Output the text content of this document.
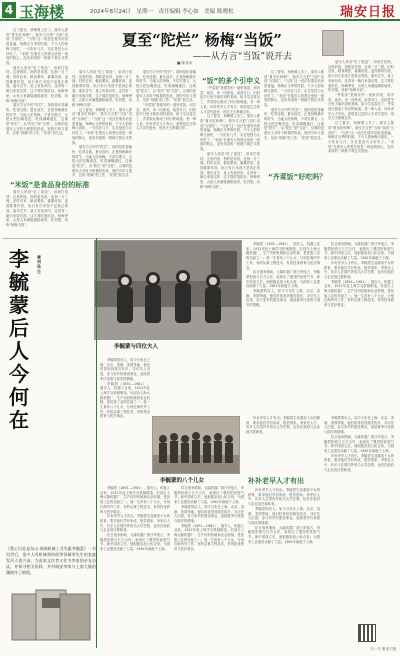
4 玉海楼	2024年8月24日　星期一　责任编辑 李心如　美编 陈晓松	瑞安日报
夏至“陀烂” 杨梅“当饭”
——从方言“当饭”说开去
■ 陈其仙

过了夏至，杨梅要上市了。瑞安人都讲“夏至吃杨梅”。瑞安方言把“当饭”说成“当饭吃”。“当饭”这一说法在瑞安话里很普遍，杨梅正当季的时候，不少人把杨梅当饭吃，一天吃好几斤，实在是因为太好吃了。“米饭”在瑞安人的观念里是一顿饭的核心，没有米饭的一顿就不算正式的饭。

瑞安人常说“吃了饭没”，用来打招呼。这里的饭，指的是米饭，也指一日三餐。旧时农家，粮食紧张，番薯丝饭、麦饭都算作饭，但只有白米饭才是真正的饭。逢年过节，桌上有鱼有肉，还得有一碗白米饭压阵，这才算吃饱吃好。杨梅季里，山里人家满篮满筐地采，吃到饱，戏称“杨梅当饭”。

瑞安方言中的“陀烂”，指的是吃得痛快、吃得过瘾。夏至前后，正是杨梅最好的时节，当地人吃杨梅，不讲究斯文，大把大把往嘴里送，吃得满嘴通红，这就是“陀烂”。从“陀烂”到“当饭”，反映的是瑞安人对时令鲜果的热爱。饭的引申义很多，比如“饭碗”指工作，“吃饭”指生活。

“米饭”是食品身份的标准

瑞安人常说“吃了饭没”，用来打招呼。这里的饭，指的是米饭，也指一日三餐。旧时农家，粮食紧张，番薯丝饭、麦饭都算作饭，但只有白米饭才是真正的饭。逢年过节，桌上有鱼有肉，还得有一碗白米饭压阵，这才算吃饱吃好。杨梅季里，山里人家满篮满筐地采，吃到饱，戏称“杨梅当饭”。

瑞安人常说“吃了饭没”，用来打招呼。这里的饭，指的是米饭，也指一日三餐。旧时农家，粮食紧张，番薯丝饭、麦饭都算作饭，但只有白米饭才是真正的饭。逢年过节，桌上有鱼有肉，还得有一碗白米饭压阵，这才算吃饱吃好。杨梅季里，山里人家满篮满筐地采，吃到饱，戏称“杨梅当饭”。

过了夏至，杨梅要上市了。瑞安人都讲“夏至吃杨梅”。瑞安方言把“当饭”说成“当饭吃”。“当饭”这一说法在瑞安话里很普遍，杨梅正当季的时候，不少人把杨梅当饭吃，一天吃好几斤，实在是因为太好吃了。“米饭”在瑞安人的观念里是一顿饭的核心，没有米饭的一顿就不算正式的饭。

瑞安方言中的“陀烂”，指的是吃得痛快、吃得过瘾。夏至前后，正是杨梅最好的时节，当地人吃杨梅，不讲究斯文，大把大把往嘴里送，吃得满嘴通红，这就是“陀烂”。从“陀烂”到“当饭”，反映的是瑞安人对时令鲜果的热爱。饭的引申义很多，比如“饭碗”指工作，“吃饭”指生活。

瑞安方言中的“陀烂”，指的是吃得痛快、吃得过瘾。夏至前后，正是杨梅最好的时节，当地人吃杨梅，不讲究斯文，大把大把往嘴里送，吃得满嘴通红，这就是“陀烂”。从“陀烂”到“当饭”，反映的是瑞安人对时令鲜果的热爱。饭的引申义很多，比如“饭碗”指工作，“吃饭”指生活。

“齐菜饭”是瑞安的一道家常饭，用芥菜、咸肉、米一同煮成，咸香可口，旧时是节日里才能吃到的美味。如今生活富足了，齐菜饭反倒成了怀旧的味道。老一辈人说，补补老早人才有出，意思是过去的人才讲究进补，现在天天都像过年。

“饭”的多个引申义

“齐菜饭”是瑞安的一道家常饭，用芥菜、咸肉、米一同煮成，咸香可口，旧时是节日里才能吃到的美味。如今生活富足了，齐菜饭反倒成了怀旧的味道。老一辈人说，补补老早人才有出，意思是过去的人才讲究进补，现在天天都像过年。

过了夏至，杨梅要上市了。瑞安人都讲“夏至吃杨梅”。瑞安方言把“当饭”说成“当饭吃”。“当饭”这一说法在瑞安话里很普遍，杨梅正当季的时候，不少人把杨梅当饭吃，一天吃好几斤，实在是因为太好吃了。“米饭”在瑞安人的观念里是一顿饭的核心，没有米饭的一顿就不算正式的饭。

瑞安人常说“吃了饭没”，用来打招呼。这里的饭，指的是米饭，也指一日三餐。旧时农家，粮食紧张，番薯丝饭、麦饭都算作饭，但只有白米饭才是真正的饭。逢年过节，桌上有鱼有肉，还得有一碗白米饭压阵，这才算吃饱吃好。杨梅季里，山里人家满篮满筐地采，吃到饱，戏称“杨梅当饭”。

过了夏至，杨梅要上市了。瑞安人都讲“夏至吃杨梅”。瑞安方言把“当饭”说成“当饭吃”。“当饭”这一说法在瑞安话里很普遍，杨梅正当季的时候，不少人把杨梅当饭吃，一天吃好几斤，实在是因为太好吃了。“米饭”在瑞安人的观念里是一顿饭的核心，没有米饭的一顿就不算正式的饭。

瑞安方言中的“陀烂”，指的是吃得痛快、吃得过瘾。夏至前后，正是杨梅最好的时节，当地人吃杨梅，不讲究斯文，大把大把往嘴里送，吃得满嘴通红，这就是“陀烂”。从“陀烂”到“当饭”，反映的是瑞安人对时令鲜果的热爱。饭的引申义很多，比如“饭碗”指工作，“吃饭”指生活。

“齐菜饭”好吃吗？

瑞安人常说“吃了饭没”，用来打招呼。这里的饭，指的是米饭，也指一日三餐。旧时农家，粮食紧张，番薯丝饭、麦饭都算作饭，但只有白米饭才是真正的饭。逢年过节，桌上有鱼有肉，还得有一碗白米饭压阵，这才算吃饱吃好。杨梅季里，山里人家满篮满筐地采，吃到饱，戏称“杨梅当饭”。

“齐菜饭”是瑞安的一道家常饭，用芥菜、咸肉、米一同煮成，咸香可口，旧时是节日里才能吃到的美味。如今生活富足了，齐菜饭反倒成了怀旧的味道。老一辈人说，补补老早人才有出，意思是过去的人才讲究进补，现在天天都像过年。

过了夏至，杨梅要上市了。瑞安人都讲“夏至吃杨梅”。瑞安方言把“当饭”说成“当饭吃”。“当饭”这一说法在瑞安话里很普遍，杨梅正当季的时候，不少人把杨梅当饭吃，一天吃好几斤，实在是因为太好吃了。“米饭”在瑞安人的观念里是一顿饭的核心，没有米饭的一顿就不算正式的饭。

李
毓
蒙
后
人
今
何
在
■ 胡珠生
李毓蒙与四位夫人
李毓蒙的八个儿女

李毓蒙（1891—1961），瑞安人，机器工业家。1912年赴上海学习机械制造，后创办上海大隆机器厂，生产纺织机械和农业机械，是民族工业的先驱之一。他一生育有八个儿女，分别在海内外工作，有的从事工程技术，有的投身教育与医疗事业。

抗日战争期间，大隆机器厂被日军侵占，李毓蒙拒绝与日方合作，表现出了强烈的民族气节。新中国成立后，他积极参加公私合营，为国家工业建设贡献了力量。1961年病逝于上海。

李毓蒙的后人，如今分布在上海、北京、香港、美国等地，他们时常回到瑞安故乡，寻访先人旧迹，参与家乡的建设事业，延续着李氏家族与瑞安的情缘。

抗日战争期间，大隆机器厂被日军侵占，李毓蒙拒绝与日方合作，表现出了强烈的民族气节。新中国成立后，他积极参加公私合营，为国家工业建设贡献了力量。1961年病逝于上海。

补补老早人才有出。李毓蒙生前重视子女的教育，要求他们学有所成，报效国家。李家后人中，有多人在国内外知名大学任教，也有在政府与企业担任要职者。

李毓蒙（1891—1961），瑞安人，机器工业家。1912年赴上海学习机械制造，后创办上海大隆机器厂，生产纺织机械和农业机械，是民族工业的先驱之一。他一生育有八个儿女，分别在海内外工作，有的从事工程技术，有的投身教育与医疗事业。

李毓蒙的后人，如今分布在上海、北京、香港、美国等地，他们时常回到瑞安故乡，寻访先人旧迹，参与家乡的建设事业，延续着李氏家族与瑞安的情缘。

李毓蒙（1891—1961），瑞安人，机器工业家。1912年赴上海学习机械制造，后创办上海大隆机器厂，生产纺织机械和农业机械，是民族工业的先驱之一。他一生育有八个儿女，分别在海内外工作，有的从事工程技术，有的投身教育与医疗事业。	补补老早人才有出。李毓蒙生前重视子女的教育，要求他们学有所成，报效国家。李家后人中，有多人在国内外知名大学任教，也有在政府与企业担任要职者。

补补老早人才有出

李毓蒙的后人，如今分布在上海、北京、香港、美国等地，他们时常回到瑞安故乡，寻访先人旧迹，参与家乡的建设事业，延续着李氏家族与瑞安的情缘。

抗日战争期间，大隆机器厂被日军侵占，李毓蒙拒绝与日方合作，表现出了强烈的民族气节。新中国成立后，他积极参加公私合营，为国家工业建设贡献了力量。1961年病逝于上海。

补补老早人才有出。李毓蒙生前重视子女的教育，要求他们学有所成，报效国家。李家后人中，有多人在国内外知名大学任教，也有在政府与企业担任要职者。

李毓蒙（1891—1961），瑞安人，机器工业家。1912年赴上海学习机械制造，后创办上海大隆机器厂，生产纺织机械和农业机械，是民族工业的先驱之一。他一生育有八个儿女，分别在海内外工作，有的从事工程技术，有的投身教育与医疗事业。

补补老早人才有出。李毓蒙生前重视子女的教育，要求他们学有所成，报效国家。李家后人中，有多人在国内外知名大学任教，也有在政府与企业担任要职者。

抗日战争期间，大隆机器厂被日军侵占，李毓蒙拒绝与日方合作，表现出了强烈的民族气节。新中国成立后，他积极参加公私合营，为国家工业建设贡献了力量。1961年病逝于上海。

抗日战争期间，大隆机器厂被日军侵占，李毓蒙拒绝与日方合作，表现出了强烈的民族气节。新中国成立后，他积极参加公私合营，为国家工业建设贡献了力量。1961年病逝于上海。

李毓蒙的后人，如今分布在上海、北京、香港、美国等地，他们时常回到瑞安故乡，寻访先人旧迹，参与家乡的建设事业，延续着李氏家族与瑞安的情缘。

李毓蒙（1891—1961），瑞安人，机器工业家。1912年赴上海学习机械制造，后创办上海大隆机器厂，生产纺织机械和农业机械，是民族工业的先驱之一。他一生育有八个儿女，分别在海内外工作，有的从事工程技术，有的投身教育与医疗事业。

补补老早人才有出。李毓蒙生前重视子女的教育，要求他们学有所成，报效国家。李家后人中，有多人在国内外知名大学任教，也有在政府与企业担任要职者。

李毓蒙的后人，如今分布在上海、北京、香港、美国等地，他们时常回到瑞安故乡，寻访先人旧迹，参与家乡的建设事业，延续着李氏家族与瑞安的情缘。

抗日战争期间，大隆机器厂被日军侵占，李毓蒙拒绝与日方合作，表现出了强烈的民族气节。新中国成立后，他积极参加公私合营，为国家工业建设贡献了力量。1961年病逝于上海。

《我心归处是东山·瑞商机械工业先驱李毓蒙》一书问世后，很多人对机械和纺织等领域李先生的家庭发问人很兴奋。为此本文作者又作为李家的亲友访谈，并探寻相关资料，并对瑞安李家与上海大隆的渊源作了梳理。
扫一扫 看电子版
